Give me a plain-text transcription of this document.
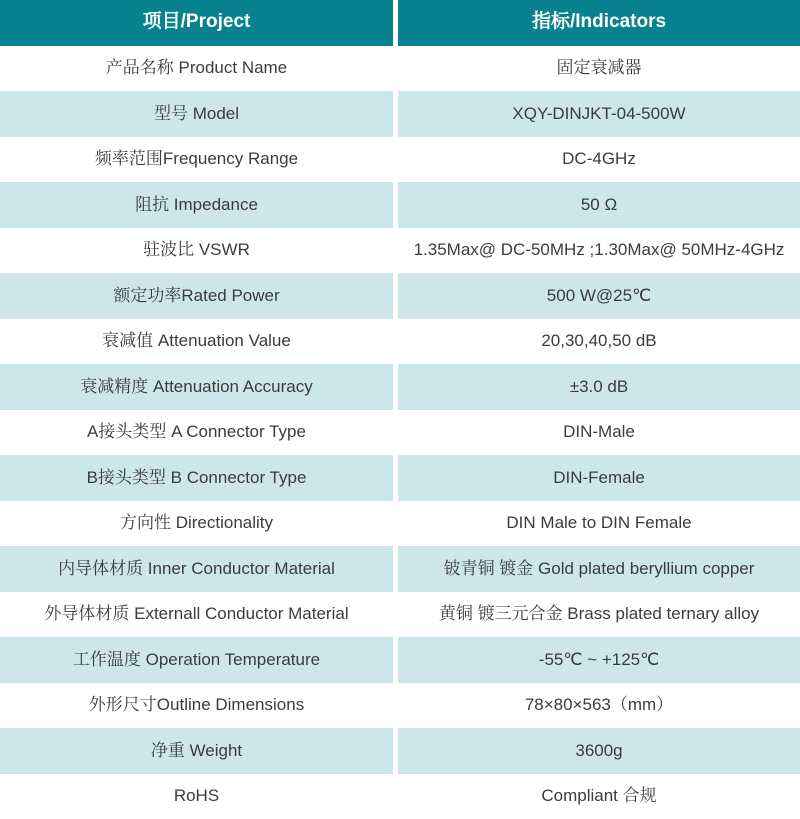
项目/Project	指标/Indicators
产品名称 Product Name	固定衰减器
型号 Model	XQY-DINJKT-04-500W
频率范围Frequency Range	DC-4GHz
阻抗 Impedance	50 Ω
驻波比 VSWR	1.35Max@ DC-50MHz ;1.30Max@ 50MHz-4GHz
额定功率Rated Power	500 W@25℃
衰减值 Attenuation Value	20,30,40,50 dB
衰减精度 Attenuation Accuracy	±3.0 dB
A接头类型 A Connector Type	DIN-Male
B接头类型 B Connector Type	DIN-Female
方向性 Directionality	DIN Male to DIN Female
内导体材质 Inner Conductor Material	铍青铜 镀金 Gold plated beryllium copper
外导体材质 Externall Conductor Material	黄铜 镀三元合金 Brass plated ternary alloy
工作温度 Operation Temperature	-55℃ ~ +125℃
外形尺寸Outline Dimensions	78×80×563（mm）
净重 Weight	3600g
RoHS	Compliant 合规
